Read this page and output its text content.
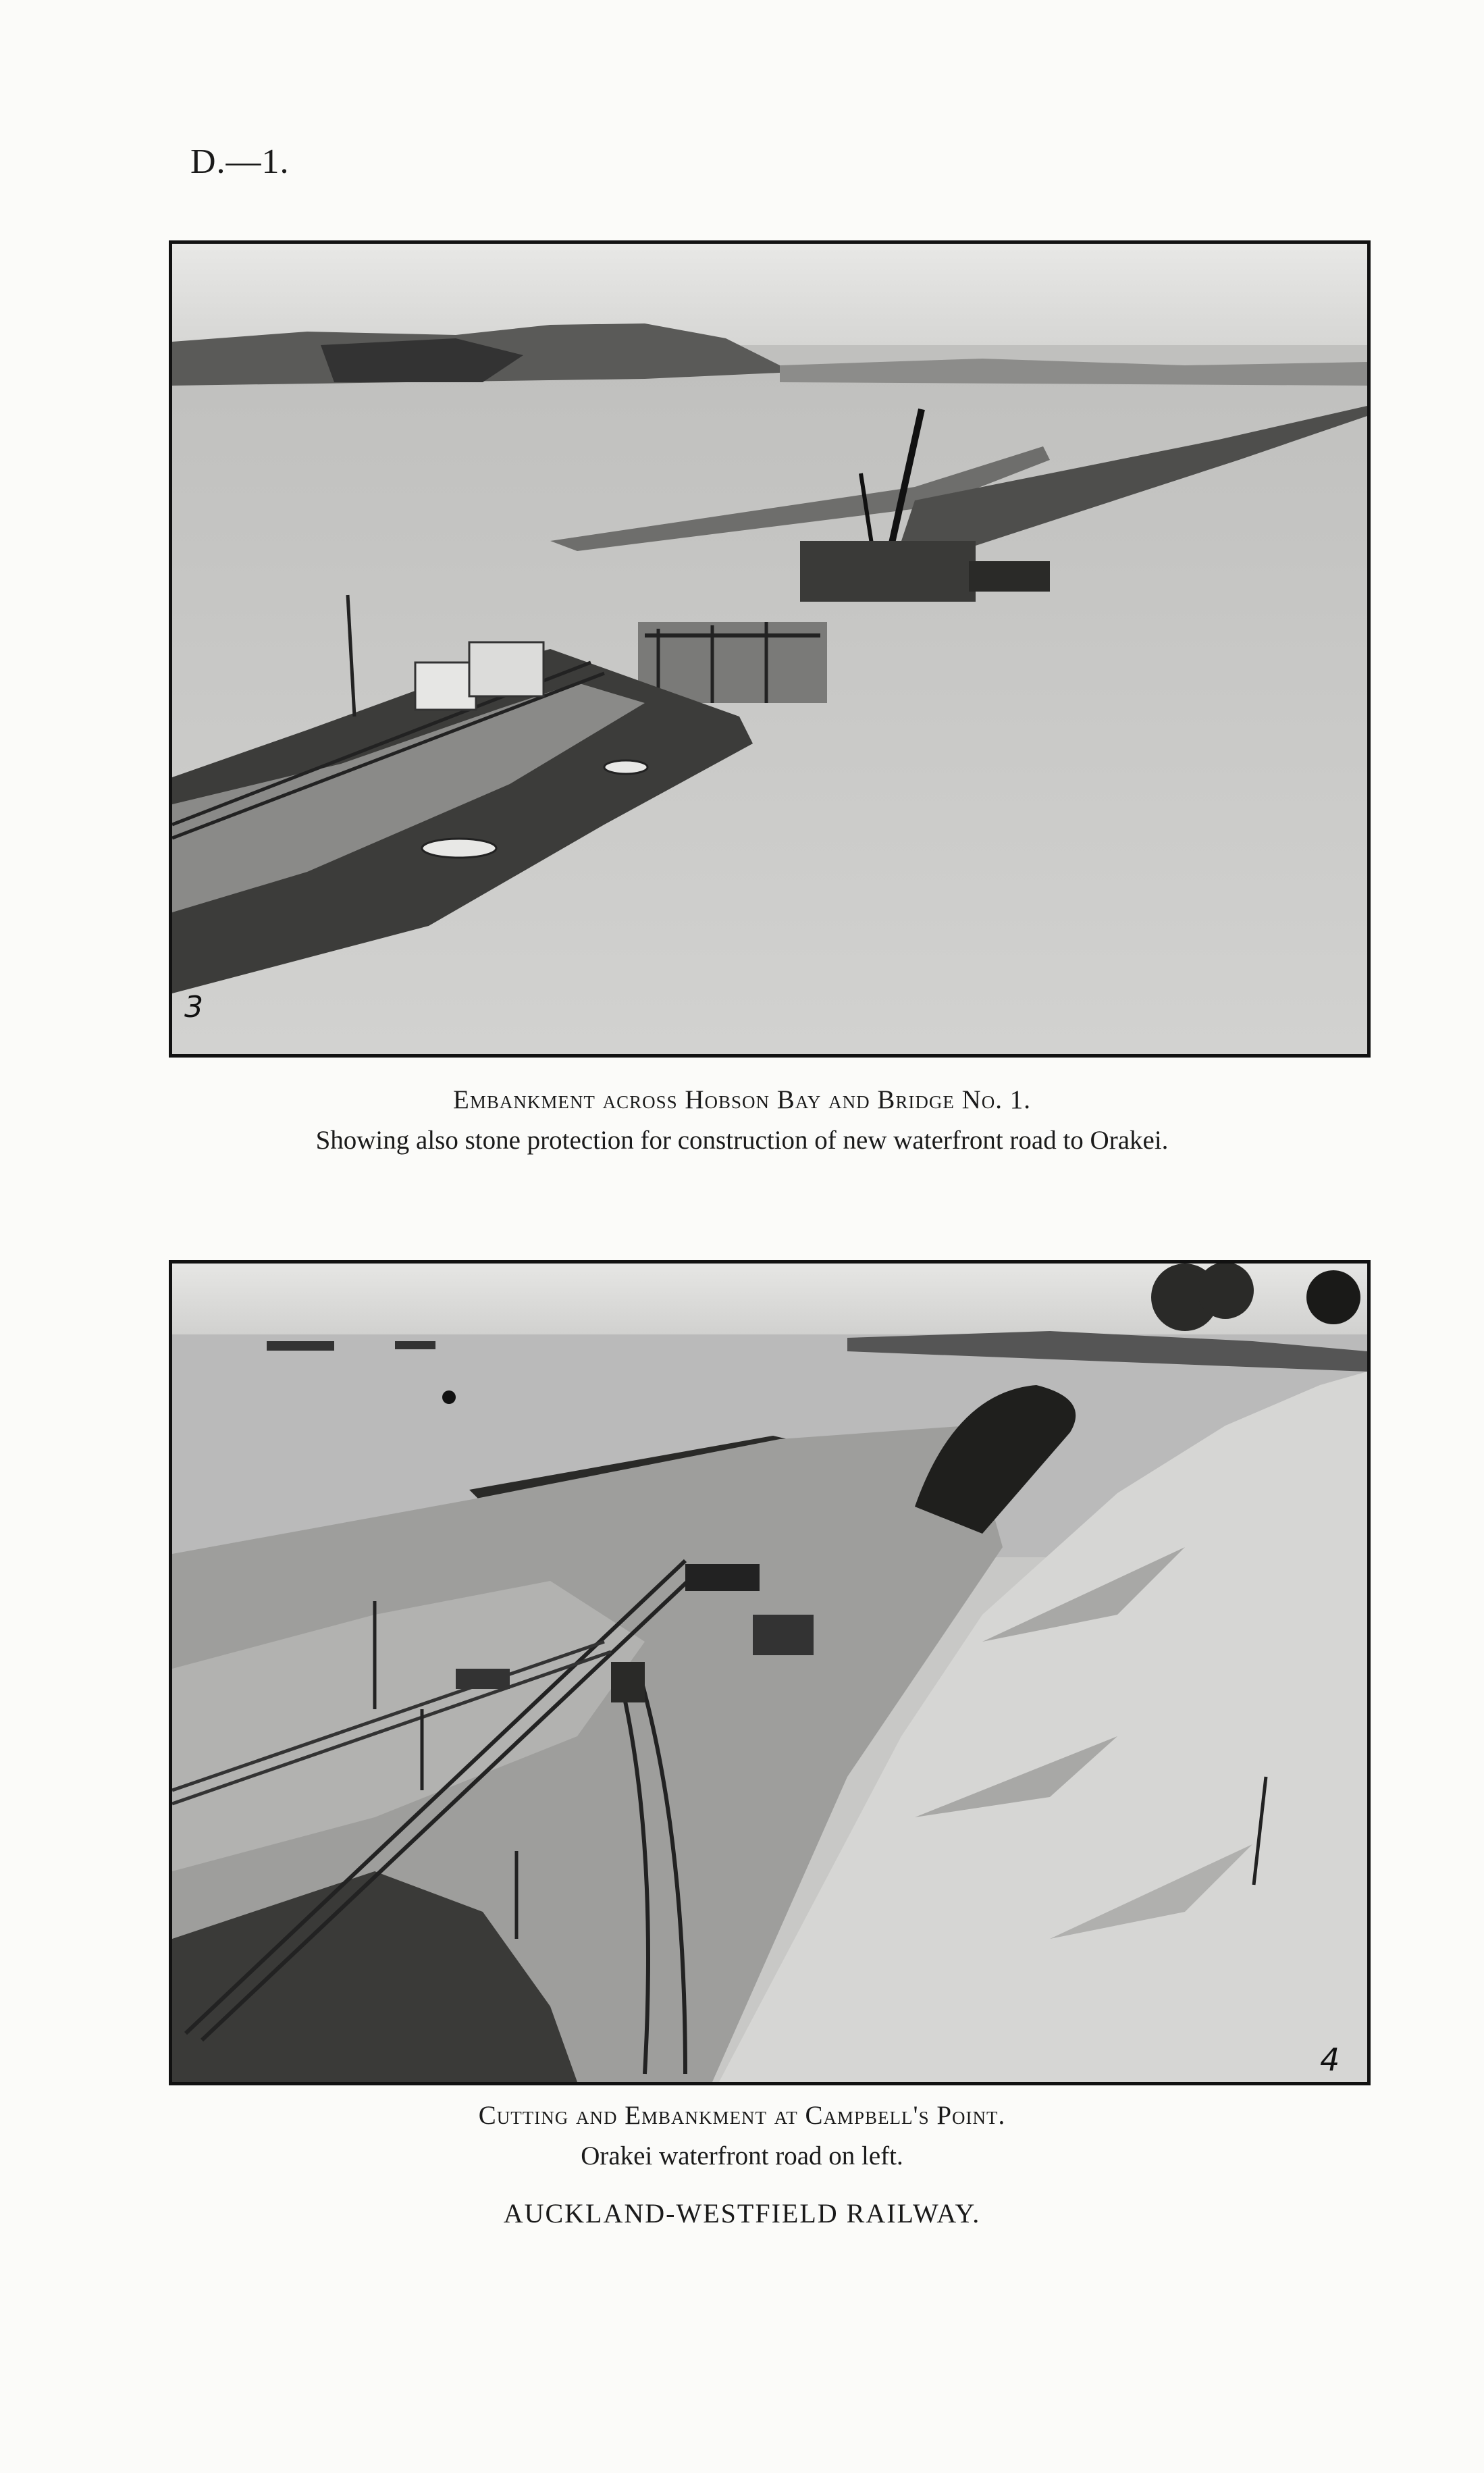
D.—1.
3
Embankment across Hobson Bay and Bridge No. 1.
Showing also stone protection for construction of new waterfront road to Orakei.
4
Cutting and Embankment at Campbell's Point.
Orakei waterfront road on left.
AUCKLAND-WESTFIELD RAILWAY.
